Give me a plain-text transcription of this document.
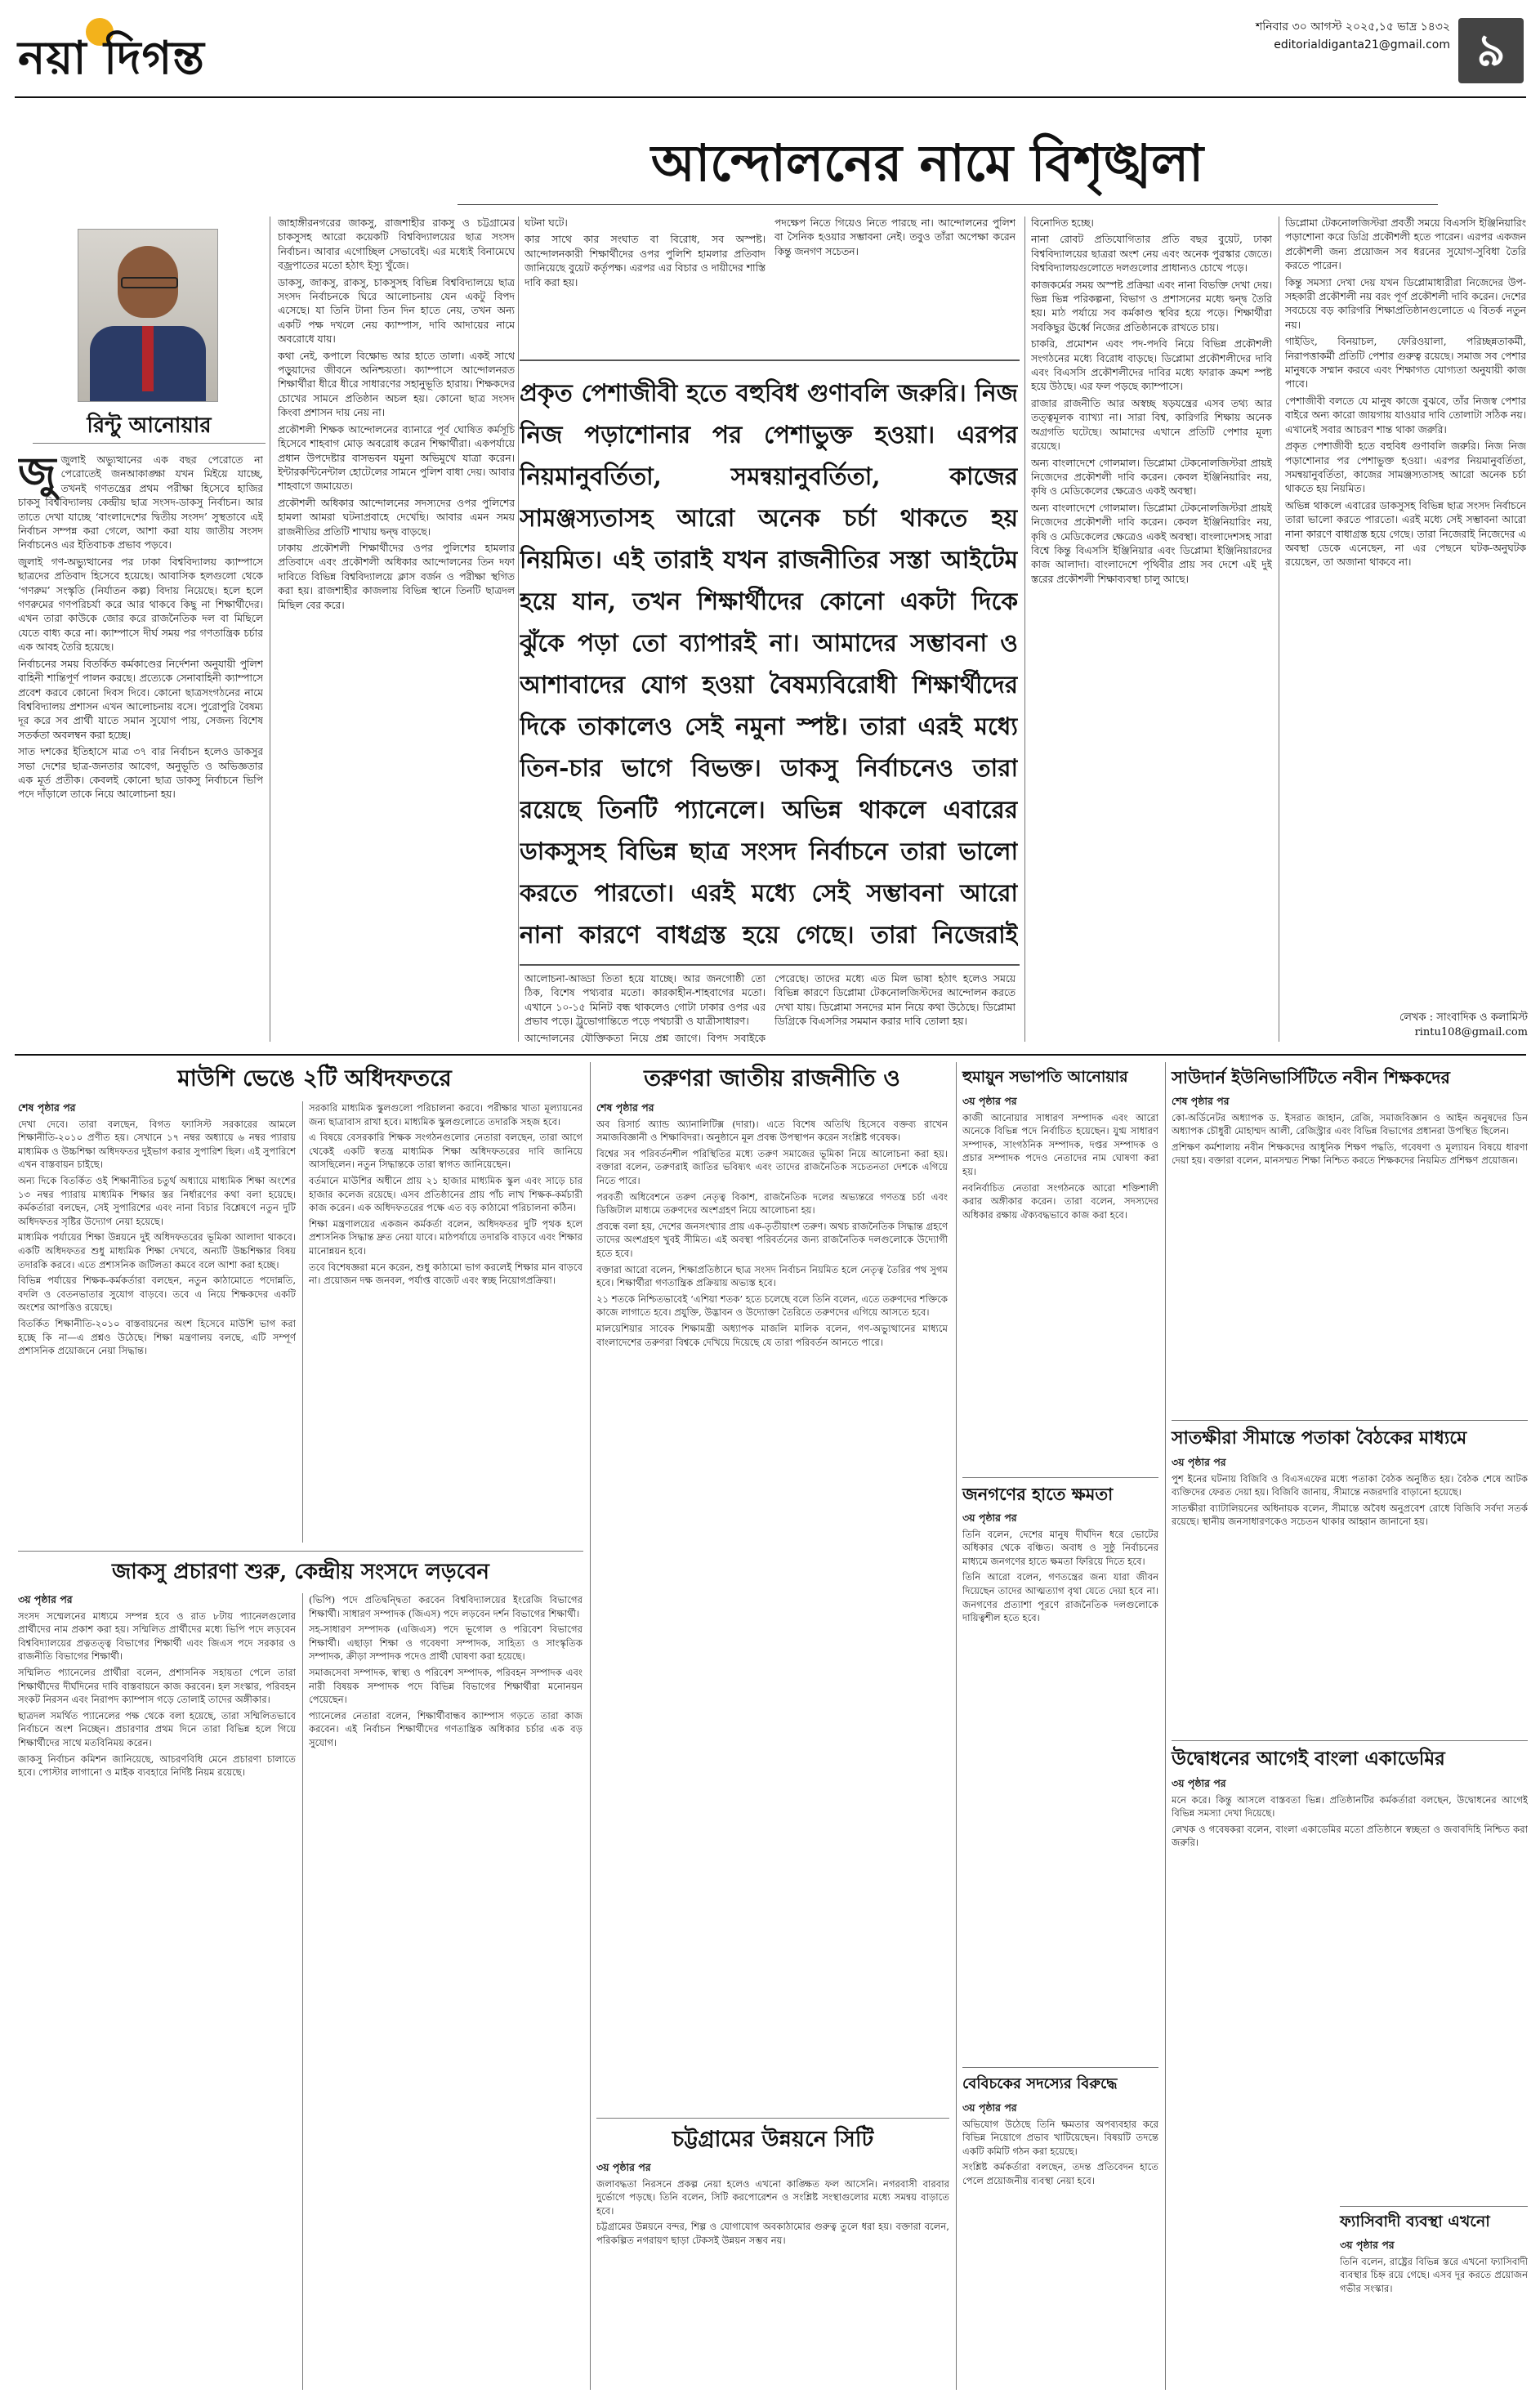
নয়া দিগন্ত
শনিবার ৩০ আগস্ট ২০২৫,১৫ ভাদ্র ১৪৩২
editorialdiganta21@gmail.com ৯
আন্দোলনের নামে বিশৃঙ্খলা
রিন্টু আনোয়ার

জুজুলাই অভ্যুত্থানের এক বছর পেরোতে না পেরোতেই জনআকাঙ্ক্ষা যখন মিইয়ে যাচ্ছে, তখনই গণতন্ত্রের প্রথম পরীক্ষা হিসেবে হাজির চাকসু বিশ্ববিদ্যালয় কেন্দ্রীয় ছাত্র সংসদ-ডাকসু নির্বাচন। আর তাতে দেখা যাচ্ছে ‘বাংলাদেশের দ্বিতীয় সংসদ’ সুস্থতাবে এই নির্বাচন সম্পন্ন করা গেলে, আশা করা যায় জাতীয় সংসদ নির্বাচনেও এর ইতিবাচক প্রভাব পড়বে।

জুলাই গণ-অভ্যুত্থানের পর ঢাকা বিশ্ববিদ্যালয় ক্যাম্পাসে ছাত্রদের প্রতিবাদ হিসেবে হয়েছে। আবাসিক হলগুলো থেকে ‘গণরুম’ সংস্কৃতি (নির্যাতন কল্প) বিদায় নিয়েছে। হলে হলে গণরুমের গণপরিচর্যা করে আর থাকবে কিছু না শিক্ষার্থীদের। এখন তারা কাউকে জোর করে রাজনৈতিক দল বা মিছিলে যেতে বাধ্য করে না। ক্যাম্পাসে দীর্ঘ সময় পর গণতান্ত্রিক চর্চার এক আবহ তৈরি হয়েছে।

নির্বাচনের সময় বিতর্কিত কর্মকাণ্ডের নির্দেশনা অনুযায়ী পুলিশ বাহিনী শান্তিপূর্ণ পালন করছে। প্রত্যেকে সেনাবাহিনী ক্যাম্পাসে প্রবেশ করবে কোনো দিবস দিবে। কোনো ছাত্রসংগঠনের নামে বিশ্ববিদ্যালয় প্রশাসন এখন আলোচনায় বসে। পুরোপুরি বৈষম্য দূর করে সব প্রার্থী যাতে সমান সুযোগ পায়, সেজন্য বিশেষ সতর্কতা অবলম্বন করা হচ্ছে।

সাত দশকের ইতিহাসে মাত্র ৩৭ বার নির্বাচন হলেও ডাকসুর সভা দেশের ছাত্র-জনতার আবেগ, অনুভূতি ও অভিজ্ঞতার এক মূর্ত প্রতীক। কেবলই কোনো ছাত্র ডাকসু নির্বাচনে ভিপি পদে দাঁড়ালে তাকে নিয়ে আলোচনা হয়।

জাহাঙ্গীরনগরের জাকসু, রাজশাহীর রাকসু ও চট্টগ্রামের চাকসুসহ আরো কয়েকটি বিশ্ববিদ্যালয়ের ছাত্র সংসদ নির্বাচন। আবার এগোচ্ছিল সেভাবেই। এর মধ্যেই বিনামেঘে বজ্রপাতের মতো হঠাৎ ইস্যু খুঁজে।

ডাকসু, জাকসু, রাকসু, চাকসুসহ বিভিন্ন বিশ্ববিদ্যালয়ে ছাত্র সংসদ নির্বাচনকে ঘিরে আলোচনায় যেন একটু বিপদ এসেছে। যা তিনি টানা তিন দিন হাতে নেয়, তখন অন্য একটি পক্ষ দখলে নেয় ক্যাম্পাস, দাবি আদায়ের নামে অবরোধে যায়।

কথা নেই, কপালে বিক্ষোভ আর হাতে তালা। একই সাথে পড়ুয়াদের জীবনে অনিশ্চয়তা। ক্যাম্পাসে আন্দোলনরত শিক্ষার্থীরা ধীরে ধীরে সাধারণের সহানুভূতি হারায়। শিক্ষকদের চোখের সামনে প্রতিষ্ঠান অচল হয়। কোনো ছাত্র সংসদ কিংবা প্রশাসন দায় নেয় না।

প্রকৌশলী শিক্ষক আন্দোলনের ব্যানারে পূর্ব ঘোষিত কর্মসূচি হিসেবে শাহবাগ মোড় অবরোধ করেন শিক্ষার্থীরা। একপর্যায়ে প্রধান উপদেষ্টার বাসভবন যমুনা অভিমুখে যাত্রা করেন। ইন্টারকন্টিনেন্টাল হোটেলের সামনে পুলিশ বাধা দেয়। আবার শাহবাগে জমায়েত।

প্রকৌশলী অধিকার আন্দোলনের সদস্যদের ওপর পুলিশের হামলা আমরা ঘটনাপ্রবাহে দেখেছি। আবার এমন সময় রাজনীতির প্রতিটি শাখায় দ্বন্দ্ব বাড়ছে।

ঢাকায় প্রকৌশলী শিক্ষার্থীদের ওপর পুলিশের হামলার প্রতিবাদে এবং প্রকৌশলী অধিকার আন্দোলনের তিন দফা দাবিতে বিভিন্ন বিশ্ববিদ্যালয়ে ক্লাস বর্জন ও পরীক্ষা স্থগিত করা হয়। রাজশাহীর কাজলায় বিভিন্ন স্থানে তিনটি ছাত্রদল মিছিল বের করে।

ঘটনা ঘটে।

কার সাথে কার সংঘাত বা বিরোধ, সব অস্পষ্ট। আন্দোলনকারী শিক্ষার্থীদের ওপর পুলিশি হামলার প্রতিবাদ জানিয়েছে বুয়েট কর্তৃপক্ষ। এরপর এর বিচার ও দায়ীদের শাস্তি দাবি করা হয়।

পদক্ষেপ নিতে গিয়েও নিতে পারছে না। আন্দোলনের পুলিশ বা সৈনিক হওয়ার সম্ভাবনা নেই। তবুও তাঁরা অপেক্ষা করেন কিন্তু জনগণ সচেতন।

প্রকৃত পেশাজীবী হতে বহুবিধ গুণাবলি জরুরি। নিজ নিজ পড়াশোনার পর পেশাভুক্ত হওয়া। এরপর নিয়মানুবর্তিতা, সমন্বয়ানুবর্তিতা, কাজের সামঞ্জস্যতাসহ আরো অনেক চর্চা থাকতে হয় নিয়মিত। এই তারাই যখন রাজনীতির সস্তা আইটেম হয়ে যান, তখন শিক্ষার্থীদের কোনো একটা দিকে ঝুঁকে পড়া তো ব্যাপারই না। আমাদের সম্ভাবনা ও আশাবাদের যোগ হওয়া বৈষম্যবিরোধী শিক্ষার্থীদের দিকে তাকালেও সেই নমুনা স্পষ্ট। তারা এরই মধ্যে তিন-চার ভাগে বিভক্ত। ডাকসু নির্বাচনেও তারা রয়েছে তিনটি প্যানেলে। অভিন্ন থাকলে এবারের ডাকসুসহ বিভিন্ন ছাত্র সংসদ নির্বাচনে তারা ভালো করতে পারতো। এরই মধ্যে সেই সম্ভাবনা আরো নানা কারণে বাধগ্রস্ত হয়ে গেছে। তারা নিজেরাই

আলোচনা-আড্ডা তিতা হয়ে যাচ্ছে। আর জনগোষ্ঠী তো ঠিক, বিশেষ পথ্যবার মতো। কারকাহীন-শাহবাগের মতো। এখানে ১০-১৫ মিনিট বন্ধ থাকলেও গোটা ঢাকার ওপর এর প্রভাব পড়ে। ট্রুভোগান্তিতে পড়ে পথচারী ও যাত্রীসাধারণ।

আন্দোলনের যৌক্তিকতা নিয়ে প্রশ্ন জাগে। বিপদ সবাইকে

পেরেছে। তাদের মধ্যে এত মিল ভাষা হঠাৎ হলেও সময়ে বিভিন্ন কারণে ডিপ্লোমা টেকনোলজিস্টদের আন্দোলন করতে দেখা যায়। ডিপ্লোমা সনদের মান নিয়ে কথা উঠেছে। ডিপ্লোমা ডিগ্রিকে বিএসসির সমমান করার দাবি তোলা হয়।

বিনোদিত হচ্ছে।

নানা রোবট প্রতিযোগিতার প্রতি বছর বুয়েট, ঢাকা বিশ্ববিদ্যালয়ের ছাত্ররা অংশ নেয় এবং অনেক পুরস্কার জেতে। বিশ্ববিদ্যালয়গুলোতে দলগুলোর প্রাধান্যও চোখে পড়ে।

কাজকর্মের সময় অস্পষ্ট প্রক্রিয়া এবং নানা বিভক্তি দেখা দেয়। ভিন্ন ভিন্ন পরিকল্পনা, বিভাগ ও প্রশাসনের মধ্যে দ্বন্দ্ব তৈরি হয়। মাঠ পর্যায়ে সব কর্মকাণ্ড স্থবির হয়ে পড়ে। শিক্ষার্থীরা সবকিছুর ঊর্ধ্বে নিজের প্রতিষ্ঠানকে রাখতে চায়।

চাকরি, প্রমোশন এবং পদ-পদবি নিয়ে বিভিন্ন প্রকৌশলী সংগঠনের মধ্যে বিরোধ বাড়ছে। ডিপ্লোমা প্রকৌশলীদের দাবি এবং বিএসসি প্রকৌশলীদের দাবির মধ্যে ফারাক ক্রমশ স্পষ্ট হয়ে উঠছে। এর ফল পড়ছে ক্যাম্পাসে।

রাজার রাজনীতি আর অস্বচ্ছ ষড়যন্ত্রের এসব তথ্য আর তত্ত্বমূলক ব্যাখ্যা না। সারা বিশ্ব, কারিগরি শিক্ষায় অনেক অগ্রগতি ঘটেছে। আমাদের এখানে প্রতিটি পেশার মূল্য রয়েছে।

অন্য বাংলাদেশে গোলমাল। ডিপ্লোমা টেকনোলজিস্টরা প্রায়ই নিজেদের প্রকৌশলী দাবি করেন। কেবল ইঞ্জিনিয়ারিং নয়, কৃষি ও মেডিকেলের ক্ষেত্রেও একই অবস্থা।

অন্য বাংলাদেশে গোলমাল। ডিপ্লোমা টেকনোলজিস্টরা প্রায়ই নিজেদের প্রকৌশলী দাবি করেন। কেবল ইঞ্জিনিয়ারিং নয়, কৃষি ও মেডিকেলের ক্ষেত্রেও একই অবস্থা। বাংলাদেশসহ সারা বিশ্বে কিন্তু বিএসসি ইঞ্জিনিয়ার এবং ডিপ্লোমা ইঞ্জিনিয়ারদের কাজ আলাদা। বাংলাদেশে পৃথিবীর প্রায় সব দেশে এই দুই স্তরের প্রকৌশলী শিক্ষাব্যবস্থা চালু আছে।

ডিপ্লোমা টেকনোলজিস্টরা প্রবর্তী সময়ে বিএসসি ইঞ্জিনিয়ারিং পড়াশোনা করে ডিগ্রি প্রকৌশলী হতে পারেন। এরপর একজন প্রকৌশলী জন্য প্রয়োজন সব ধরনের সুযোগ-সুবিধা তৈরি করতে পারেন।

কিন্তু সমস্যা দেখা দেয় যখন ডিপ্লোমাধারীরা নিজেদের উপ-সহকারী প্রকৌশলী নয় বরং পূর্ণ প্রকৌশলী দাবি করেন। দেশের সবচেয়ে বড় কারিগরি শিক্ষাপ্রতিষ্ঠানগুলোতে এ বিতর্ক নতুন নয়।

গাইডিং, বিনয়াচল, ফেরিওয়ালা, পরিচ্ছন্নতাকর্মী, নিরাপত্তাকর্মী প্রতিটি পেশার গুরুত্ব রয়েছে। সমাজ সব পেশার মানুষকে সম্মান করবে এবং শিক্ষাগত যোগ্যতা অনুযায়ী কাজ পাবে।

পেশাজীবী বলতে যে মানুষ কাজে বুঝবে, তাঁর নিজস্ব পেশার বাইরে অন্য কারো জায়গায় যাওয়ার দাবি তোলাটা সঠিক নয়। এখানেই সবার আচরণ শান্ত থাকা জরুরি।

প্রকৃত পেশাজীবী হতে বহুবিধ গুণাবলি জরুরি। নিজ নিজ পড়াশোনার পর পেশাভুক্ত হওয়া। এরপর নিয়মানুবর্তিতা, সমন্বয়ানুবর্তিতা, কাজের সামঞ্জস্যতাসহ আরো অনেক চর্চা থাকতে হয় নিয়মিত।

অভিন্ন থাকলে এবারের ডাকসুসহ বিভিন্ন ছাত্র সংসদ নির্বাচনে তারা ভালো করতে পারতো। এরই মধ্যে সেই সম্ভাবনা আরো নানা কারণে বাধাগ্রস্ত হয়ে গেছে। তারা নিজেরাই নিজেদের এ অবস্থা ডেকে এনেছেন, না এর পেছনে ঘটক-অনুঘটক রয়েছেন, তা অজানা থাকবে না।

লেখক : সাংবাদিক ও কলামিস্ট
rintu108@gmail.com
মাউশি ভেঙে ২টি অধিদফতরে

শেষ পৃষ্ঠার পর

দেখা দেবে। তারা বলছেন, বিগত ফ্যাসিস্ট সরকারের আমলে শিক্ষানীতি-২০১০ প্রণীত হয়। সেখানে ১৭ নম্বর অধ্যায়ে ৬ নম্বর প্যারায় মাধ্যমিক ও উচ্চশিক্ষা অধিদফতর দুইভাগ করার সুপারিশ ছিল। এই সুপারিশে এখন বাস্তবায়ন চাইছে।

অন্য দিকে বিতর্কিত ওই শিক্ষানীতির চতুর্থ অধ্যায়ে মাধ্যমিক শিক্ষা অংশের ১৩ নম্বর প্যারায় মাধ্যমিক শিক্ষার স্তর নির্ধারণের কথা বলা হয়েছে। কর্মকর্তারা বলছেন, সেই সুপারিশের এবং নানা বিচার বিশ্লেষণে নতুন দুটি অধিদফতর সৃষ্টির উদ্যোগ নেয়া হয়েছে।

মাধ্যমিক পর্যায়ের শিক্ষা উন্নয়নে দুই অধিদফতরের ভূমিকা আলাদা থাকবে। একটি অধিদফতর শুধু মাধ্যমিক শিক্ষা দেখবে, অন্যটি উচ্চশিক্ষার বিষয় তদারকি করবে। এতে প্রশাসনিক জটিলতা কমবে বলে আশা করা হচ্ছে।

বিভিন্ন পর্যায়ের শিক্ষক-কর্মকর্তারা বলছেন, নতুন কাঠামোতে পদোন্নতি, বদলি ও বেতনভাতার সুযোগ বাড়বে। তবে এ নিয়ে শিক্ষকদের একটি অংশের আপত্তিও রয়েছে।

বিতর্কিত শিক্ষানীতি-২০১০ বাস্তবায়নের অংশ হিসেবে মাউশি ভাগ করা হচ্ছে কি না—এ প্রশ্নও উঠেছে। শিক্ষা মন্ত্রণালয় বলছে, এটি সম্পূর্ণ প্রশাসনিক প্রয়োজনে নেয়া সিদ্ধান্ত।

সরকারি মাধ্যমিক স্কুলগুলো পরিচালনা করবে। পরীক্ষার খাতা মূল্যায়নের জন্য ছাত্রাবাস রাখা হবে। মাধ্যমিক স্কুলগুলোতে তদারকি সহজ হবে।

এ বিষয়ে বেসরকারি শিক্ষক সংগঠনগুলোর নেতারা বলছেন, তারা আগে থেকেই একটি স্বতন্ত্র মাধ্যমিক শিক্ষা অধিদফতরের দাবি জানিয়ে আসছিলেন। নতুন সিদ্ধান্তকে তারা স্বাগত জানিয়েছেন।

বর্তমানে মাউশির অধীনে প্রায় ২১ হাজার মাধ্যমিক স্কুল এবং সাড়ে চার হাজার কলেজ রয়েছে। এসব প্রতিষ্ঠানের প্রায় পাঁচ লাখ শিক্ষক-কর্মচারী কাজ করেন। এক অধিদফতরের পক্ষে এত বড় কাঠামো পরিচালনা কঠিন।

শিক্ষা মন্ত্রণালয়ের একজন কর্মকর্তা বলেন, অধিদফতর দুটি পৃথক হলে প্রশাসনিক সিদ্ধান্ত দ্রুত নেয়া যাবে। মাঠপর্যায়ে তদারকি বাড়বে এবং শিক্ষার মানোন্নয়ন হবে।

তবে বিশেষজ্ঞরা মনে করেন, শুধু কাঠামো ভাগ করলেই শিক্ষার মান বাড়বে না। প্রয়োজন দক্ষ জনবল, পর্যাপ্ত বাজেট এবং স্বচ্ছ নিয়োগপ্রক্রিয়া।

জাকসু প্রচারণা শুরু, কেন্দ্রীয় সংসদে লড়বেন

৩য় পৃষ্ঠার পর

সংসদ সম্মেলনের মাধ্যমে সম্পন্ন হবে ও রাত ৮টায় প্যানেলগুলোর প্রার্থীদের নাম প্রকাশ করা হয়। সম্মিলিত প্রার্থীদের মধ্যে ভিপি পদে লড়বেন বিশ্ববিদ্যালয়ের প্রত্নতত্ত্ব বিভাগের শিক্ষার্থী এবং জিএস পদে সরকার ও রাজনীতি বিভাগের শিক্ষার্থী।

সম্মিলিত প্যানেলের প্রার্থীরা বলেন, প্রশাসনিক সহায়তা পেলে তারা শিক্ষার্থীদের দীর্ঘদিনের দাবি বাস্তবায়নে কাজ করবেন। হল সংস্কার, পরিবহন সংকট নিরসন এবং নিরাপদ ক্যাম্পাস গড়ে তোলাই তাদের অঙ্গীকার।

ছাত্রদল সমর্থিত প্যানেলের পক্ষ থেকে বলা হয়েছে, তারা সম্মিলিতভাবে নির্বাচনে অংশ নিচ্ছেন। প্রচারণার প্রথম দিনে তারা বিভিন্ন হলে গিয়ে শিক্ষার্থীদের সাথে মতবিনিময় করেন।

জাকসু নির্বাচন কমিশন জানিয়েছে, আচরণবিধি মেনে প্রচারণা চালাতে হবে। পোস্টার লাগানো ও মাইক ব্যবহারে নির্দিষ্ট নিয়ম রয়েছে।

(ভিপি) পদে প্রতিদ্বন্দ্বিতা করবেন বিশ্ববিদ্যালয়ের ইংরেজি বিভাগের শিক্ষার্থী। সাধারণ সম্পাদক (জিএস) পদে লড়বেন দর্শন বিভাগের শিক্ষার্থী।

সহ-সাধারণ সম্পাদক (এজিএস) পদে ভূগোল ও পরিবেশ বিভাগের শিক্ষার্থী। এছাড়া শিক্ষা ও গবেষণা সম্পাদক, সাহিত্য ও সাংস্কৃতিক সম্পাদক, ক্রীড়া সম্পাদক পদেও প্রার্থী ঘোষণা করা হয়েছে।

সমাজসেবা সম্পাদক, স্বাস্থ্য ও পরিবেশ সম্পাদক, পরিবহন সম্পাদক এবং নারী বিষয়ক সম্পাদক পদে বিভিন্ন বিভাগের শিক্ষার্থীরা মনোনয়ন পেয়েছেন।

প্যানেলের নেতারা বলেন, শিক্ষার্থীবান্ধব ক্যাম্পাস গড়তে তারা কাজ করবেন। এই নির্বাচন শিক্ষার্থীদের গণতান্ত্রিক অধিকার চর্চার এক বড় সুযোগ।

তরুণরা জাতীয় রাজনীতি ও

শেষ পৃষ্ঠার পর

অব রিসার্চ অ্যান্ড অ্যানালিটিক্স (দারা)। এতে বিশেষ অতিথি হিসেবে বক্তব্য রাখেন সমাজবিজ্ঞানী ও শিক্ষাবিদরা। অনুষ্ঠানে মূল প্রবন্ধ উপস্থাপন করেন সংশ্লিষ্ট গবেষক।

বিশ্বের সব পরিবর্তনশীল পরিস্থিতির মধ্যে তরুণ সমাজের ভূমিকা নিয়ে আলোচনা করা হয়। বক্তারা বলেন, তরুণরাই জাতির ভবিষ্যৎ এবং তাদের রাজনৈতিক সচেতনতা দেশকে এগিয়ে নিতে পারে।

পরবর্তী অধিবেশনে তরুণ নেতৃত্ব বিকাশ, রাজনৈতিক দলের অভ্যন্তরে গণতন্ত্র চর্চা এবং ডিজিটাল মাধ্যমে তরুণদের অংশগ্রহণ নিয়ে আলোচনা হয়।

প্রবন্ধে বলা হয়, দেশের জনসংখ্যার প্রায় এক-তৃতীয়াংশ তরুণ। অথচ রাজনৈতিক সিদ্ধান্ত গ্রহণে তাদের অংশগ্রহণ খুবই সীমিত। এই অবস্থা পরিবর্তনের জন্য রাজনৈতিক দলগুলোকে উদ্যোগী হতে হবে।

বক্তারা আরো বলেন, শিক্ষাপ্রতিষ্ঠানে ছাত্র সংসদ নির্বাচন নিয়মিত হলে নেতৃত্ব তৈরির পথ সুগম হবে। শিক্ষার্থীরা গণতান্ত্রিক প্রক্রিয়ায় অভ্যস্ত হবে।

২১ শতকে নিশ্চিতভাবেই ‘এশিয়া শতক’ হতে চলেছে বলে তিনি বলেন, এতে তরুণদের শক্তিকে কাজে লাগাতে হবে। প্রযুক্তি, উদ্ভাবন ও উদ্যোক্তা তৈরিতে তরুণদের এগিয়ে আসতে হবে।

মালয়েশিয়ার সাবেক শিক্ষামন্ত্রী অধ্যাপক মাজলি মালিক বলেন, গণ-অভ্যুত্থানের মাধ্যমে বাংলাদেশের তরুণরা বিশ্বকে দেখিয়ে দিয়েছে যে তারা পরিবর্তন আনতে পারে।

চট্টগ্রামের উন্নয়নে সিটি

৩য় পৃষ্ঠার পর

জলাবদ্ধতা নিরসনে প্রকল্প নেয়া হলেও এখনো কাঙ্ক্ষিত ফল আসেনি। নগরবাসী বারবার দুর্ভোগে পড়ছে। তিনি বলেন, সিটি করপোরেশন ও সংশ্লিষ্ট সংস্থাগুলোর মধ্যে সমন্বয় বাড়াতে হবে।

চট্টগ্রামের উন্নয়নে বন্দর, শিল্প ও যোগাযোগ অবকাঠামোর গুরুত্ব তুলে ধরা হয়। বক্তারা বলেন, পরিকল্পিত নগরায়ণ ছাড়া টেকসই উন্নয়ন সম্ভব নয়।

হুমায়ুন সভাপতি আনোয়ার

৩য় পৃষ্ঠার পর

কাজী আনোয়ার সাধারণ সম্পাদক এবং আরো অনেকে বিভিন্ন পদে নির্বাচিত হয়েছেন। যুগ্ম সাধারণ সম্পাদক, সাংগঠনিক সম্পাদক, দপ্তর সম্পাদক ও প্রচার সম্পাদক পদেও নেতাদের নাম ঘোষণা করা হয়।

নবনির্বাচিত নেতারা সংগঠনকে আরো শক্তিশালী করার অঙ্গীকার করেন। তারা বলেন, সদস্যদের অধিকার রক্ষায় ঐক্যবদ্ধভাবে কাজ করা হবে।

জনগণের হাতে ক্ষমতা

৩য় পৃষ্ঠার পর

তিনি বলেন, দেশের মানুষ দীর্ঘদিন ধরে ভোটের অধিকার থেকে বঞ্চিত। অবাধ ও সুষ্ঠু নির্বাচনের মাধ্যমে জনগণের হাতে ক্ষমতা ফিরিয়ে দিতে হবে।

তিনি আরো বলেন, গণতন্ত্রের জন্য যারা জীবন দিয়েছেন তাদের আত্মত্যাগ বৃথা যেতে দেয়া হবে না। জনগণের প্রত্যাশা পূরণে রাজনৈতিক দলগুলোকে দায়িত্বশীল হতে হবে।

বেবিচকের সদস্যের বিরুদ্ধে

৩য় পৃষ্ঠার পর

অভিযোগ উঠেছে তিনি ক্ষমতার অপব্যবহার করে বিভিন্ন নিয়োগে প্রভাব খাটিয়েছেন। বিষয়টি তদন্তে একটি কমিটি গঠন করা হয়েছে।

সংশ্লিষ্ট কর্মকর্তারা বলছেন, তদন্ত প্রতিবেদন হাতে পেলে প্রয়োজনীয় ব্যবস্থা নেয়া হবে।

সাউদার্ন ইউনিভার্সিটিতে নবীন শিক্ষকদের

শেষ পৃষ্ঠার পর

কো-অর্ডিনেটর অধ্যাপক ড. ইসরাত জাহান, রেজি, সমাজবিজ্ঞান ও আইন অনুষদের ডিন অধ্যাপক চৌধুরী মোহাম্মদ আলী, রেজিস্ট্রার এবং বিভিন্ন বিভাগের প্রধানরা উপস্থিত ছিলেন।

প্রশিক্ষণ কর্মশালায় নবীন শিক্ষকদের আধুনিক শিক্ষণ পদ্ধতি, গবেষণা ও মূল্যায়ন বিষয়ে ধারণা দেয়া হয়। বক্তারা বলেন, মানসম্মত শিক্ষা নিশ্চিত করতে শিক্ষকদের নিয়মিত প্রশিক্ষণ প্রয়োজন।

সাতক্ষীরা সীমান্তে পতাকা বৈঠকের মাধ্যমে

৩য় পৃষ্ঠার পর

পুশ ইনের ঘটনায় বিজিবি ও বিএসএফের মধ্যে পতাকা বৈঠক অনুষ্ঠিত হয়। বৈঠক শেষে আটক ব্যক্তিদের ফেরত দেয়া হয়। বিজিবি জানায়, সীমান্তে নজরদারি বাড়ানো হয়েছে।

সাতক্ষীরা ব্যাটালিয়নের অধিনায়ক বলেন, সীমান্তে অবৈধ অনুপ্রবেশ রোধে বিজিবি সর্বদা সতর্ক রয়েছে। স্থানীয় জনসাধারণকেও সচেতন থাকার আহ্বান জানানো হয়।

উদ্বোধনের আগেই বাংলা একাডেমির

৩য় পৃষ্ঠার পর

মনে করে। কিন্তু আসলে বাস্তবতা ভিন্ন। প্রতিষ্ঠানটির কর্মকর্তারা বলছেন, উদ্বোধনের আগেই বিভিন্ন সমস্যা দেখা দিয়েছে।

লেখক ও গবেষকরা বলেন, বাংলা একাডেমির মতো প্রতিষ্ঠানে স্বচ্ছতা ও জবাবদিহি নিশ্চিত করা জরুরি।

ফ্যাসিবাদী ব্যবস্থা এখনো

৩য় পৃষ্ঠার পর

তিনি বলেন, রাষ্ট্রের বিভিন্ন স্তরে এখনো ফ্যাসিবাদী ব্যবস্থার চিহ্ন রয়ে গেছে। এসব দূর করতে প্রয়োজন গভীর সংস্কার।
